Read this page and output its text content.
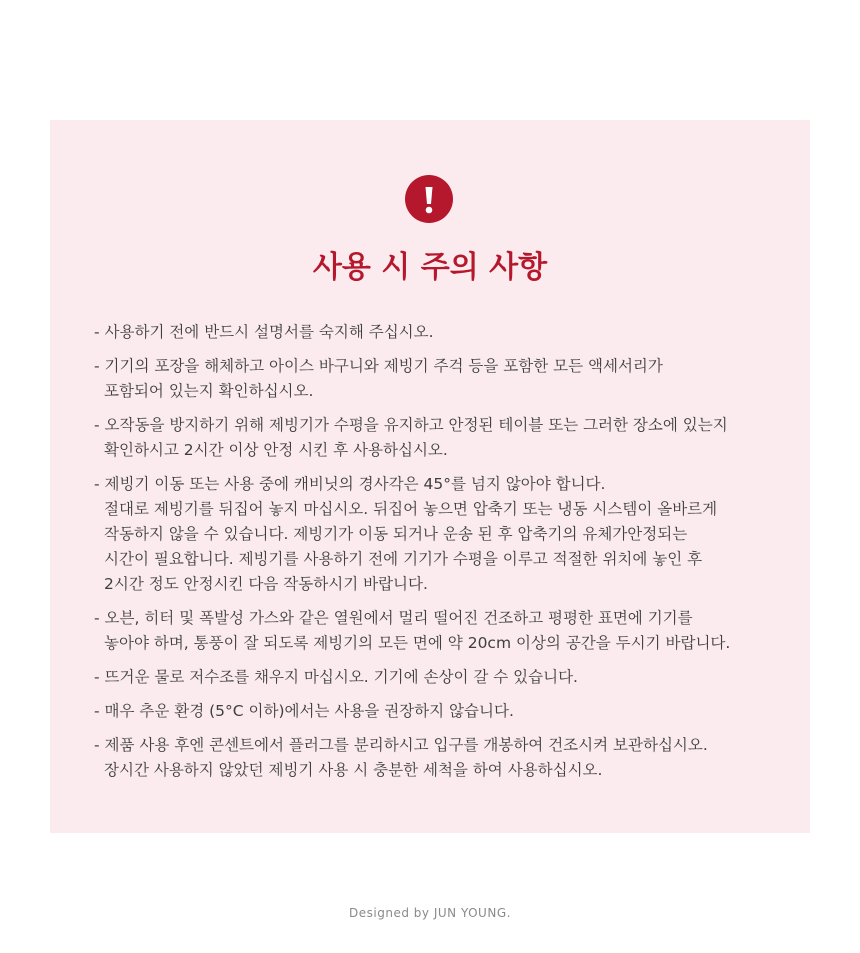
사용 시 주의 사항
- 사용하기 전에 반드시 설명서를 숙지해 주십시오.
- 기기의 포장을 해체하고 아이스 바구니와 제빙기 주걱 등을 포함한 모든 액세서리가
포함되어 있는지 확인하십시오.
- 오작동을 방지하기 위해 제빙기가 수평을 유지하고 안정된 테이블 또는 그러한 장소에 있는지
확인하시고 2시간 이상 안정 시킨 후 사용하십시오.
- 제빙기 이동 또는 사용 중에 캐비닛의 경사각은 45°를 넘지 않아야 합니다.
절대로 제빙기를 뒤집어 놓지 마십시오. 뒤집어 놓으면 압축기 또는 냉동 시스템이 올바르게
작동하지 않을 수 있습니다. 제빙기가 이동 되거나 운송 된 후 압축기의 유체가안정되는
시간이 필요합니다. 제빙기를 사용하기 전에 기기가 수평을 이루고 적절한 위치에 놓인 후
2시간 정도 안정시킨 다음 작동하시기 바랍니다.
- 오븐, 히터 및 폭발성 가스와 같은 열원에서 멀리 떨어진 건조하고 평평한 표면에 기기를
놓아야 하며, 통풍이 잘 되도록 제빙기의 모든 면에 약 20cm 이상의 공간을 두시기 바랍니다.
- 뜨거운 물로 저수조를 채우지 마십시오. 기기에 손상이 갈 수 있습니다.
- 매우 추운 환경 (5°C 이하)에서는 사용을 권장하지 않습니다.
- 제품 사용 후엔 콘센트에서 플러그를 분리하시고 입구를 개봉하여 건조시켜 보관하십시오.
장시간 사용하지 않았던 제빙기 사용 시 충분한 세척을 하여 사용하십시오.
Designed by JUN YOUNG.
